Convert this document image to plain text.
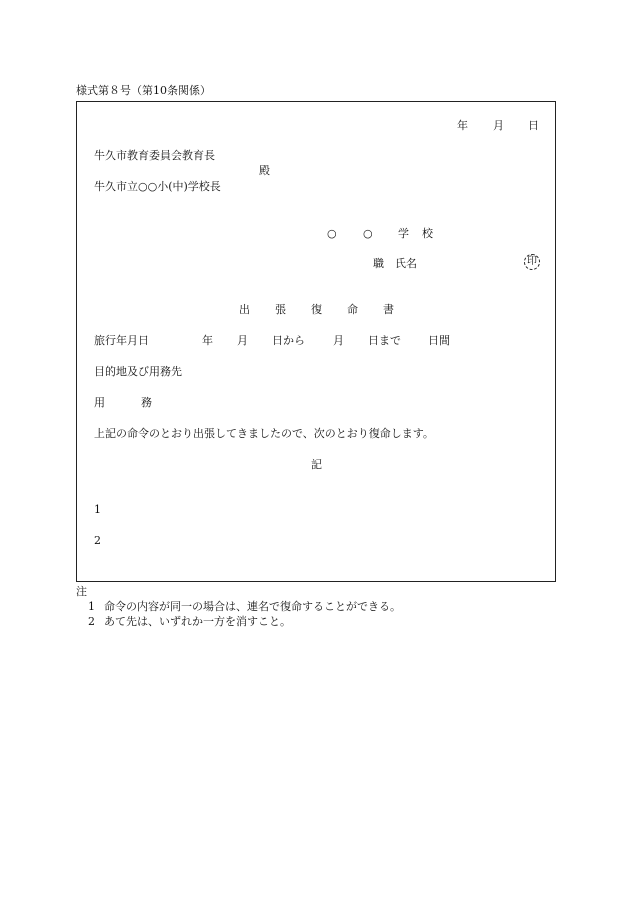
様式第８号（第10条関係）
年 月 日
牛久市教育委員会教育長
殿
牛久市立○○小(中)学校長
○ ○ 学 校
職　氏名	印
出 張 復 命 書
旅行年月日	年 月 日から	月 日まで 日間
目的地及び用務先
用	務
上記の命令のとおり出張してきましたので、次のとおり復命します。
記
1
2
注
1 命令の内容が同一の場合は、連名で復命することができる。
2 あて先は、いずれか一方を消すこと。
